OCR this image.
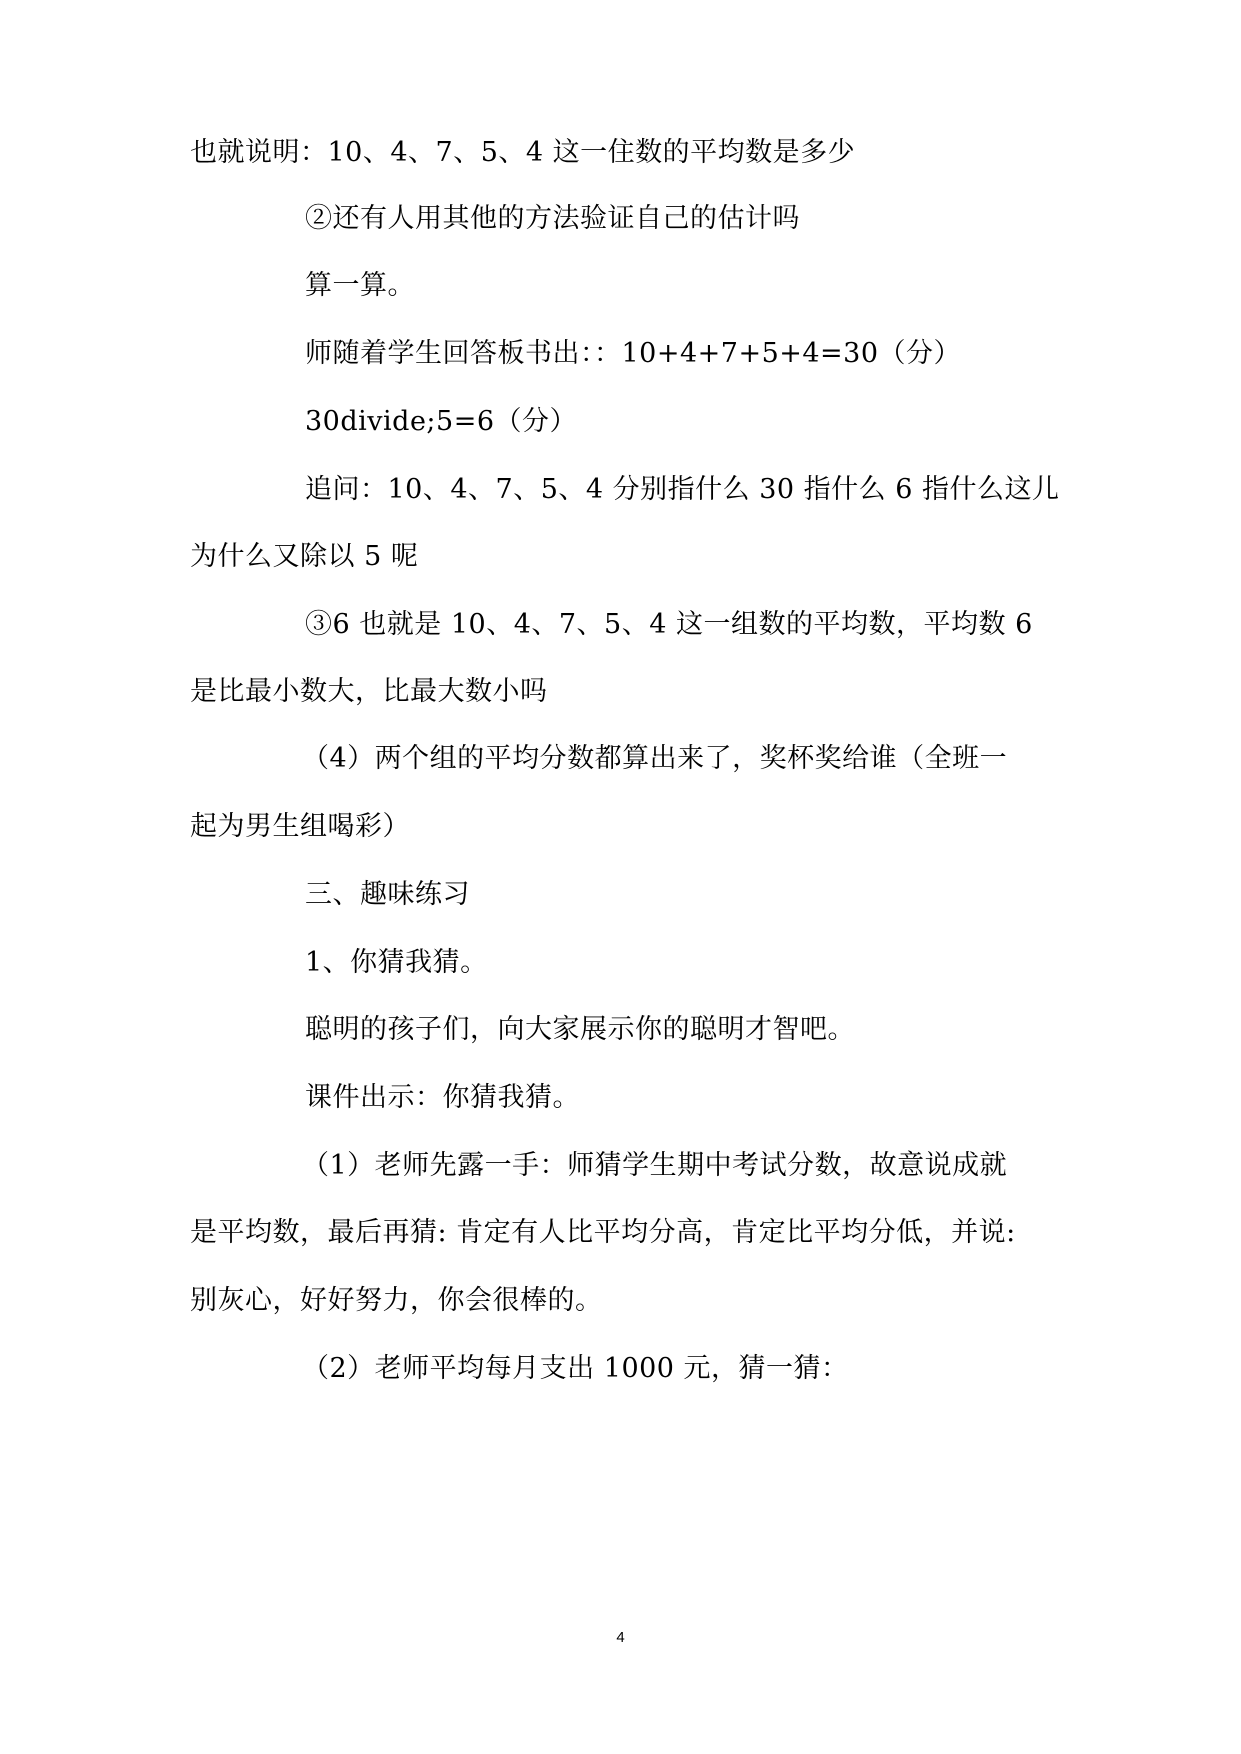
也就说明：10、4、7、5、4 这一住数的平均数是多少
②还有人用其他的方法验证自己的估计吗
算一算。
师随着学生回答板书出：：10+4+7+5+4=30（分）
30divide;5=6（分）
追问：10、4、7、5、4 分别指什么 30 指什么 6 指什么这儿
为什么又除以 5 呢
③6 也就是 10、4、7、5、4 这一组数的平均数，平均数 6
是比最小数大，比最大数小吗
（4）两个组的平均分数都算出来了，奖杯奖给谁（全班一
起为男生组喝彩）
三、趣味练习
1、你猜我猜。
聪明的孩子们，向大家展示你的聪明才智吧。
课件出示：你猜我猜。
（1）老师先露一手：师猜学生期中考试分数，故意说成就
是平均数，最后再猜: 肯定有人比平均分高，肯定比平均分低，并说:
别灰心，好好努力，你会很棒的。
（2）老师平均每月支出 1000 元，猜一猜：
4
